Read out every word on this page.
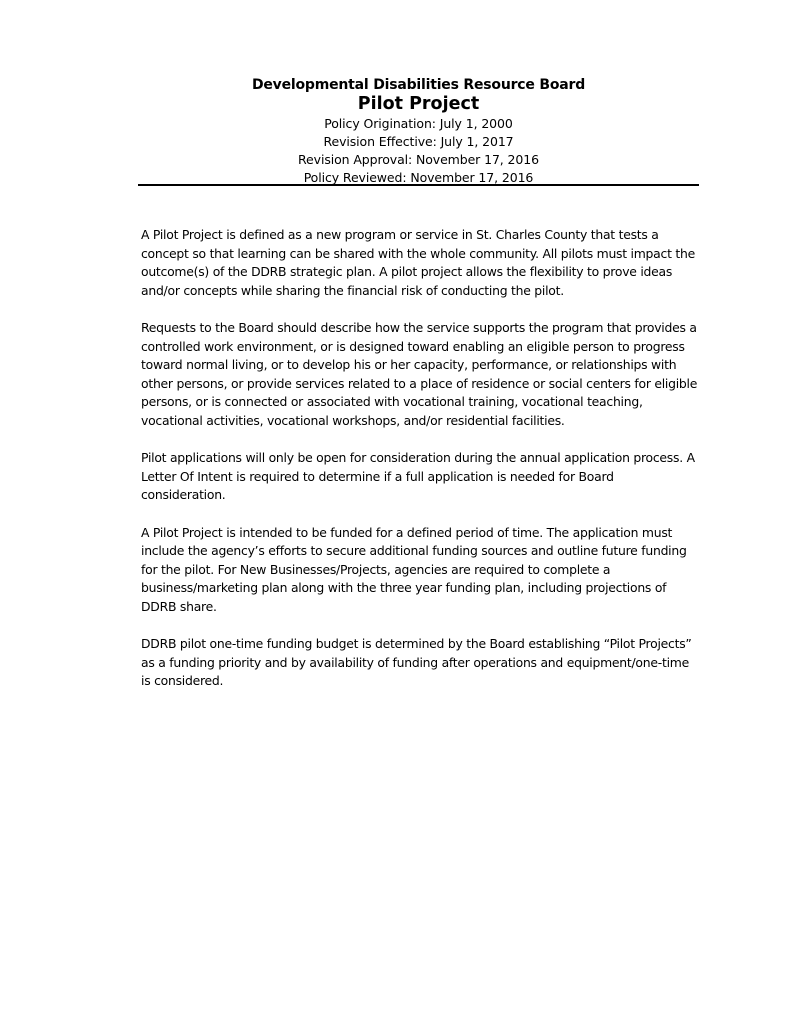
Developmental Disabilities Resource Board

Pilot Project

Policy Origination: July 1, 2000

Revision Effective: July 1, 2017

Revision Approval: November 17, 2016

Policy Reviewed: November 17, 2016

A Pilot Project is defined as a new program or service in St. Charles County that tests a concept so that learning can be shared with the whole community. All pilots must impact the outcome(s) of the DDRB strategic plan. A pilot project allows the flexibility to prove ideas and/or concepts while sharing the financial risk of conducting the pilot.

Requests to the Board should describe how the service supports the program that provides a controlled work environment, or is designed toward enabling an eligible person to progress toward normal living, or to develop his or her capacity, performance, or relationships with other persons, or provide services related to a place of residence or social centers for eligible persons, or is connected or associated with vocational training, vocational teaching, vocational activities, vocational workshops, and/or residential facilities.

Pilot applications will only be open for consideration during the annual application process. A Letter Of Intent is required to determine if a full application is needed for Board consideration.

A Pilot Project is intended to be funded for a defined period of time. The application must include the agency’s efforts to secure additional funding sources and outline future funding for the pilot. For New Businesses/Projects, agencies are required to complete a business/marketing plan along with the three year funding plan, including projections of DDRB share.

DDRB pilot one-time funding budget is determined by the Board establishing “Pilot Projects” as a funding priority and by availability of funding after operations and equipment/one-time is considered.
